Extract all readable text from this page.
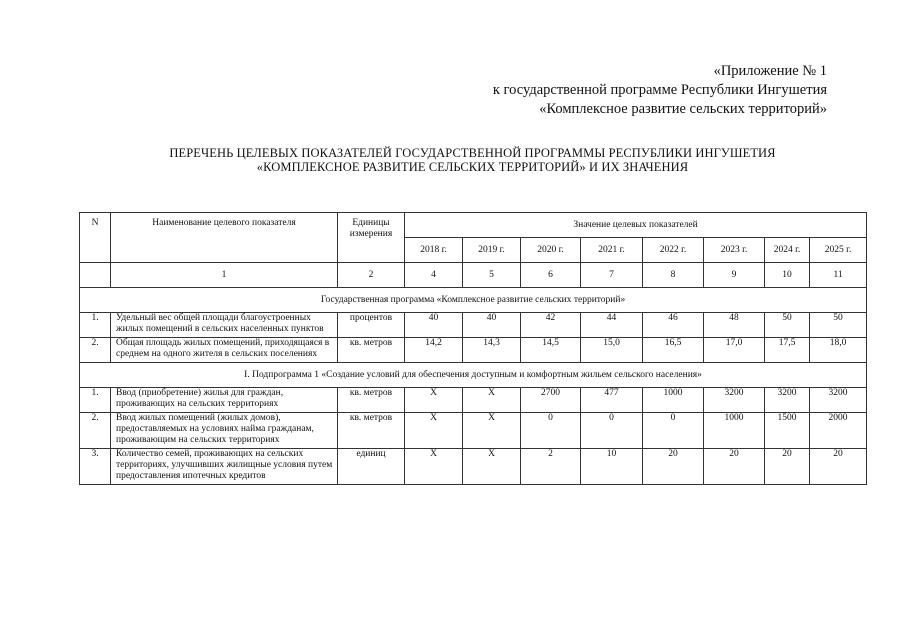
«Приложение № 1
к государственной программе Республики Ингушетия
«Комплексное развитие сельских территорий»
ПЕРЕЧЕНЬ ЦЕЛЕВЫХ ПОКАЗАТЕЛЕЙ ГОСУДАРСТВЕННОЙ ПРОГРАММЫ РЕСПУБЛИКИ ИНГУШЕТИЯ
«КОМПЛЕКСНОЕ РАЗВИТИЕ СЕЛЬСКИХ ТЕРРИТОРИЙ» И ИХ ЗНАЧЕНИЯ
N	Наименование целевого показателя	Единицы измерения	Значение целевых показателей							
			2018 г.	2019 г.	2020 г.	2021 г.	2022 г.	2023 г.	2024 г.	2025 г.
	1	2	4	5	6	7	8	9	10	11
Государственная программа «Комплексное развитие сельских территорий»										
1.	Удельный вес общей площади благоустроенных жилых помещений в сельских населенных пунктов	процентов	40	40	42	44	46	48	50	50
2.	Общая площадь жилых помещений, приходящаяся в среднем на одного жителя в сельских поселениях	кв. метров	14,2	14,3	14,5	15,0	16,5	17,0	17,5	18,0
I. Подпрограмма 1 «Создание условий для обеспечения доступным и комфортным жильем сельского населения»										
1.	Ввод (приобретение) жилья для граждан, проживающих на сельских территориях	кв. метров	X	X	2700	477	1000	3200	3200	3200
2.	Ввод жилых помещений (жилых домов), предоставляемых на условиях найма гражданам, проживающим на сельских территориях	кв. метров	X	X	0	0	0	1000	1500	2000
3.	Количество семей, проживающих на сельских территориях, улучшивших жилищные условия путем предоставления ипотечных кредитов	единиц	X	X	2	10	20	20	20	20
